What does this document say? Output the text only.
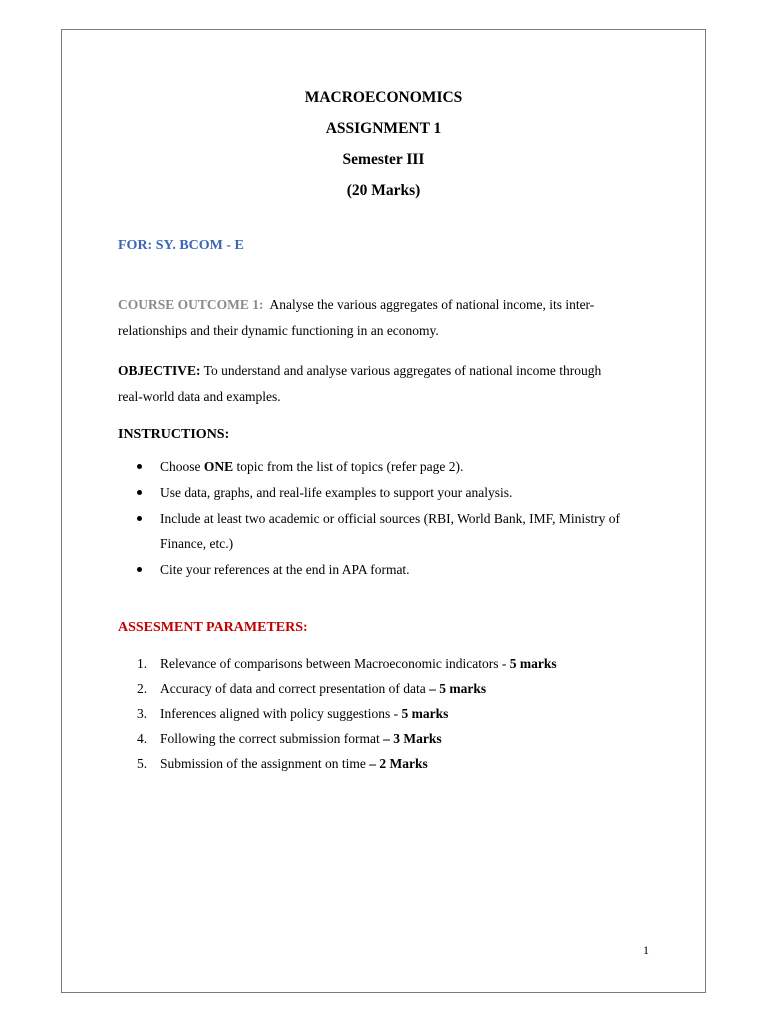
MACROECONOMICS
ASSIGNMENT 1
Semester III
(20 Marks)
FOR: SY. BCOM - E
COURSE OUTCOME 1: Analyse the various aggregates of national income, its inter-relationships and their dynamic functioning in an economy.
OBJECTIVE: To understand and analyse various aggregates of national income through real-world data and examples.
INSTRUCTIONS:
Choose ONE topic from the list of topics (refer page 2).
Use data, graphs, and real-life examples to support your analysis.
Include at least two academic or official sources (RBI, World Bank, IMF, Ministry of Finance, etc.)
Cite your references at the end in APA format.
ASSESMENT PARAMETERS:
1. Relevance of comparisons between Macroeconomic indicators - 5 marks
2. Accuracy of data and correct presentation of data – 5 marks
3. Inferences aligned with policy suggestions - 5 marks
4. Following the correct submission format – 3 Marks
5. Submission of the assignment on time – 2 Marks
1
